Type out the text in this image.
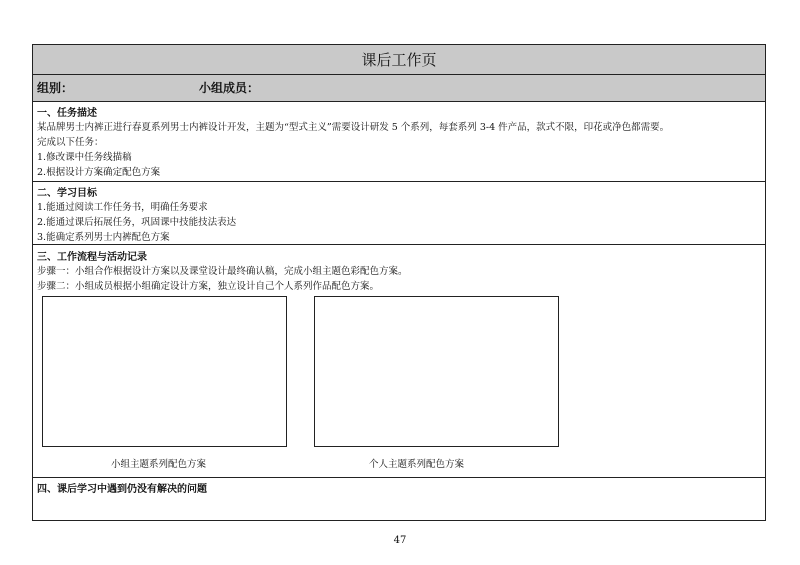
课后工作页
组别：	小组成员：
一、任务描述
某品牌男士内裤正进行春夏系列男士内裤设计开发，主题为“型式主义”需要设计研发 5 个系列，每套系列 3-4 件产品，款式不限，印花或净色都需要。
完成以下任务：
1.修改课中任务线描稿
2.根据设计方案确定配色方案
二、学习目标
1.能通过阅读工作任务书，明确任务要求
2.能通过课后拓展任务，巩固课中技能技法表达
3.能确定系列男士内裤配色方案
三、工作流程与活动记录
步骤一：小组合作根据设计方案以及课堂设计最终确认稿，完成小组主题色彩配色方案。
步骤二：小组成员根据小组确定设计方案，独立设计自己个人系列作品配色方案。
小组主题系列配色方案	个人主题系列配色方案
四、课后学习中遇到仍没有解决的问题
47
